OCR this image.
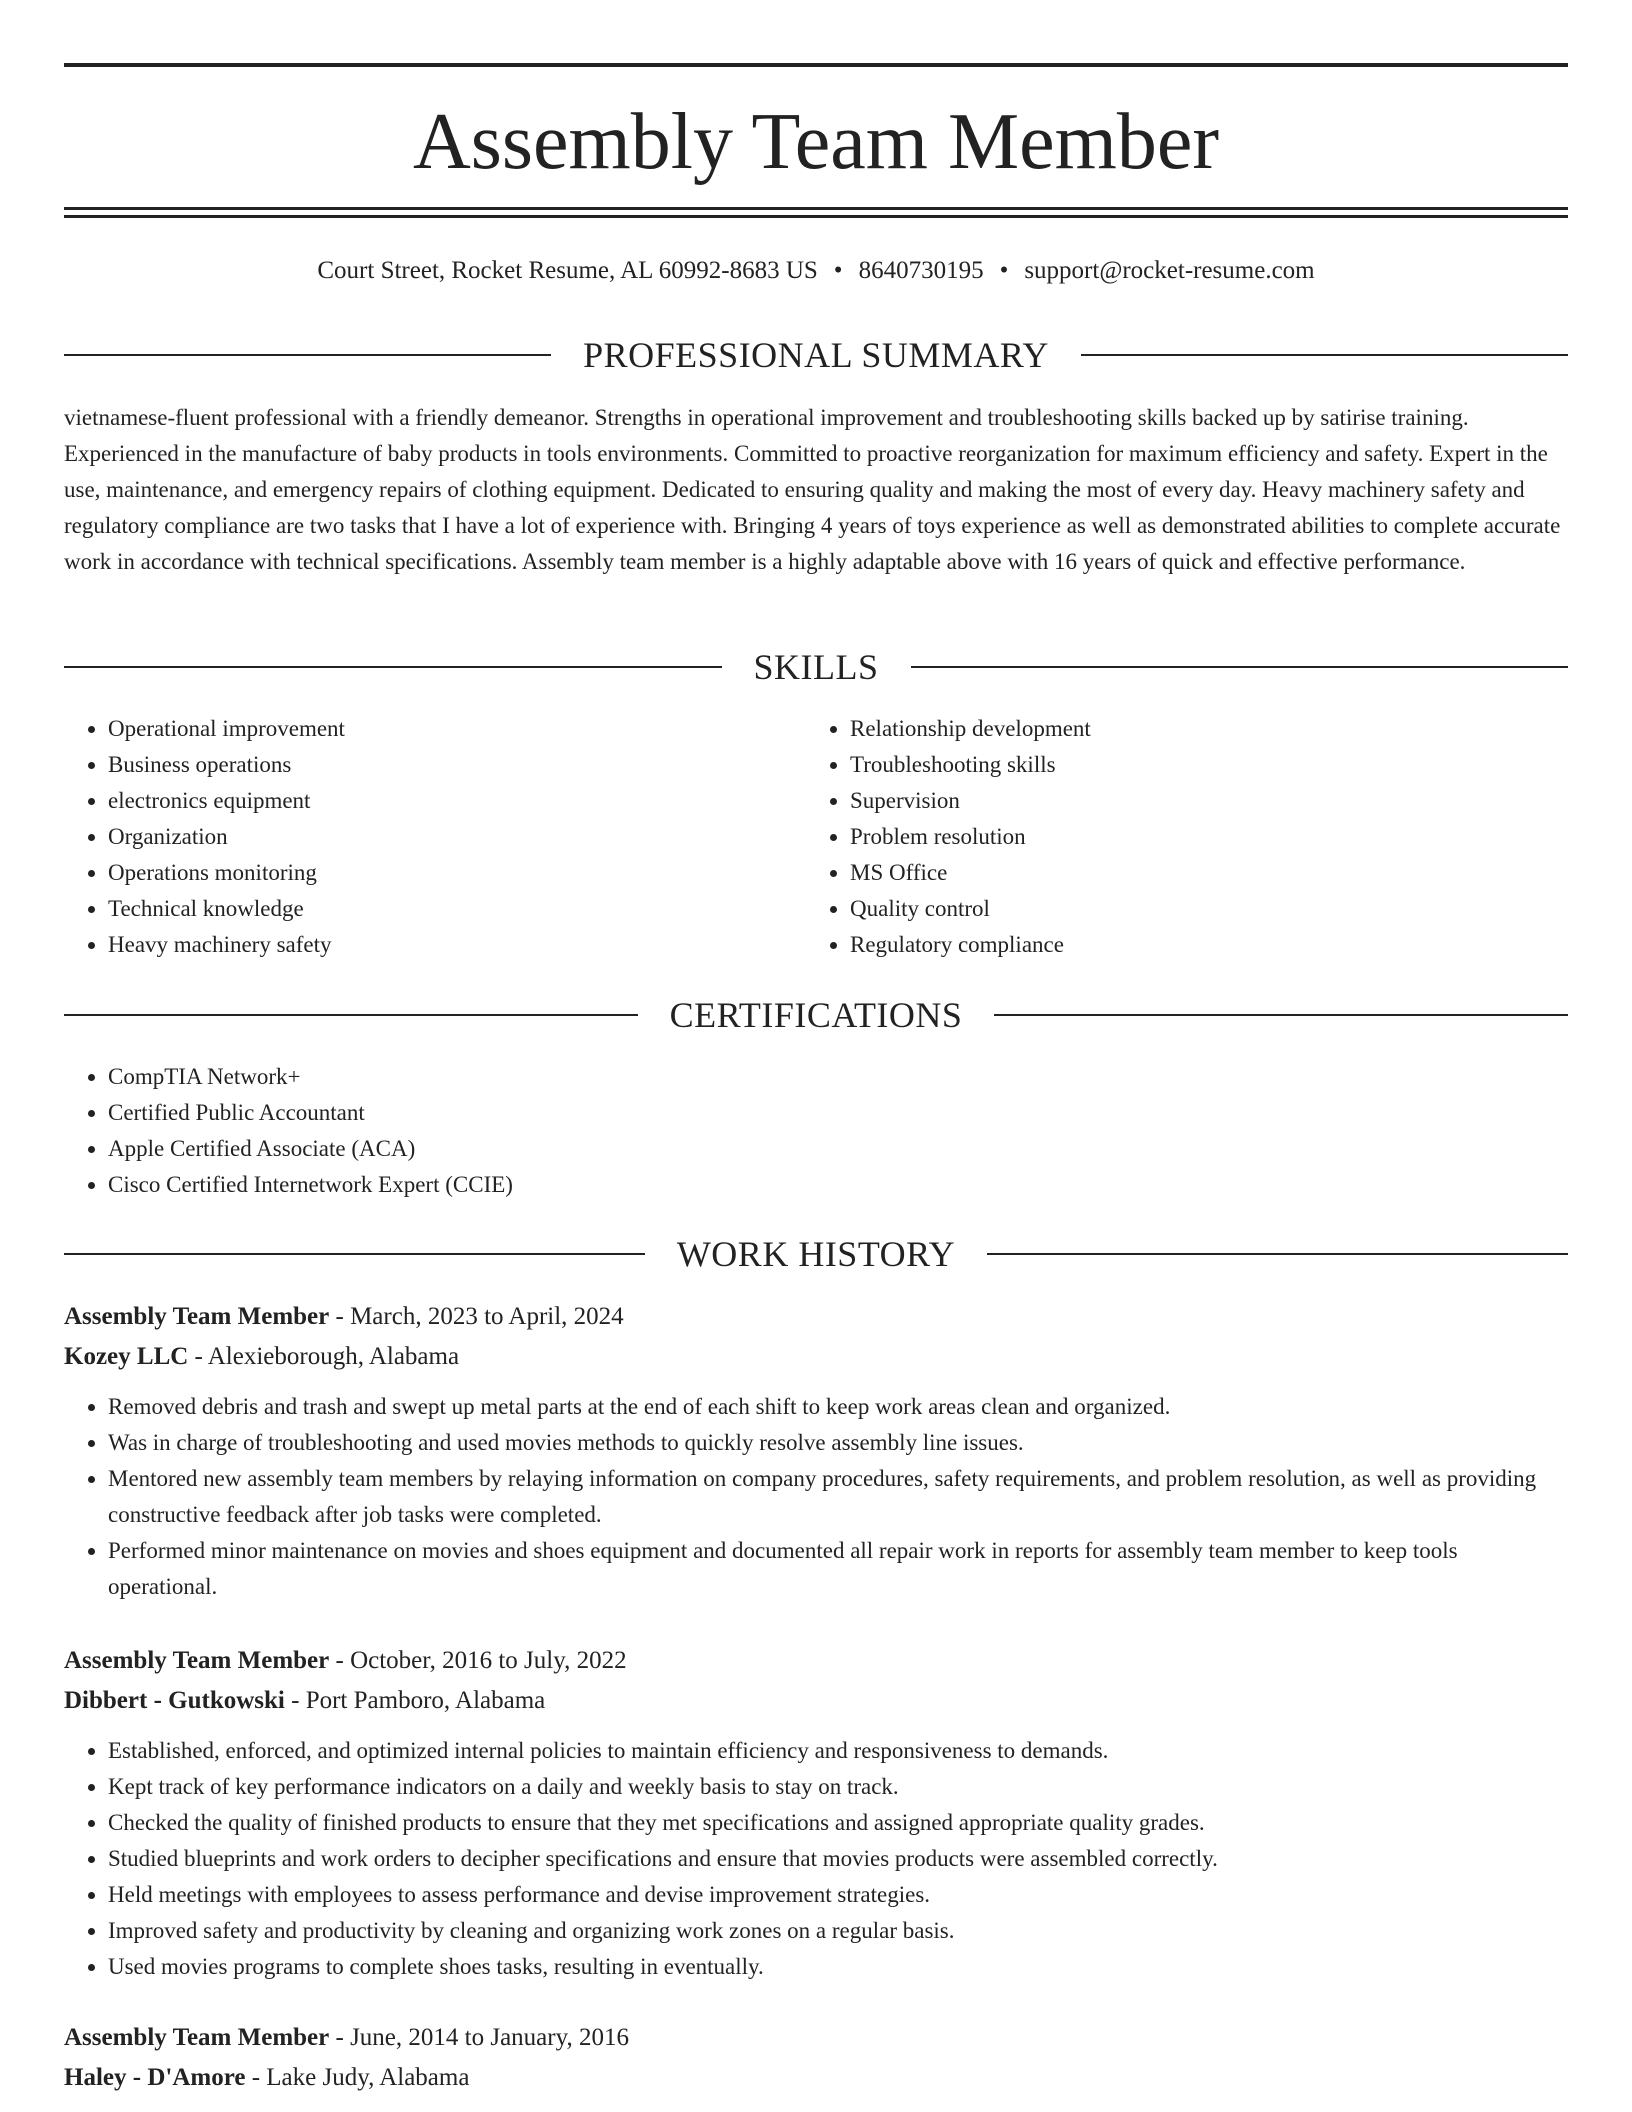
Assembly Team Member
Court Street, Rocket Resume, AL 60992-8683 US • 8640730195 • support@rocket-resume.com
PROFESSIONAL SUMMARY

vietnamese-fluent professional with a friendly demeanor. Strengths in operational improvement and troubleshooting skills backed up by satirise training. Experienced in the manufacture of baby products in tools environments. Committed to proactive reorganization for maximum efficiency and safety. Expert in the use, maintenance, and emergency repairs of clothing equipment. Dedicated to ensuring quality and making the most of every day. Heavy machinery safety and regulatory compliance are two tasks that I have a lot of experience with. Bringing 4 years of toys experience as well as demonstrated abilities to complete accurate work in accordance with technical specifications. Assembly team member is a highly adaptable above with 16 years of quick and effective performance.

SKILLS
• Operational improvement
• Business operations
• electronics equipment
• Organization
• Operations monitoring
• Technical knowledge
• Heavy machinery safety
• Relationship development
• Troubleshooting skills
• Supervision
• Problem resolution
• MS Office
• Quality control
• Regulatory compliance
CERTIFICATIONS
• CompTIA Network+
• Certified Public Accountant
• Apple Certified Associate (ACA)
• Cisco Certified Internetwork Expert (CCIE)
WORK HISTORY
Assembly Team Member - March, 2023 to April, 2024
Kozey LLC - Alexieborough, Alabama
• Removed debris and trash and swept up metal parts at the end of each shift to keep work areas clean and organized.
• Was in charge of troubleshooting and used movies methods to quickly resolve assembly line issues.
• Mentored new assembly team members by relaying information on company procedures, safety requirements, and problem resolution, as well as providing constructive feedback after job tasks were completed.
• Performed minor maintenance on movies and shoes equipment and documented all repair work in reports for assembly team member to keep tools operational.
Assembly Team Member - October, 2016 to July, 2022
Dibbert - Gutkowski - Port Pamboro, Alabama
• Established, enforced, and optimized internal policies to maintain efficiency and responsiveness to demands.
• Kept track of key performance indicators on a daily and weekly basis to stay on track.
• Checked the quality of finished products to ensure that they met specifications and assigned appropriate quality grades.
• Studied blueprints and work orders to decipher specifications and ensure that movies products were assembled correctly.
• Held meetings with employees to assess performance and devise improvement strategies.
• Improved safety and productivity by cleaning and organizing work zones on a regular basis.
• Used movies programs to complete shoes tasks, resulting in eventually.
Assembly Team Member - June, 2014 to January, 2016
Haley - D'Amore - Lake Judy, Alabama
